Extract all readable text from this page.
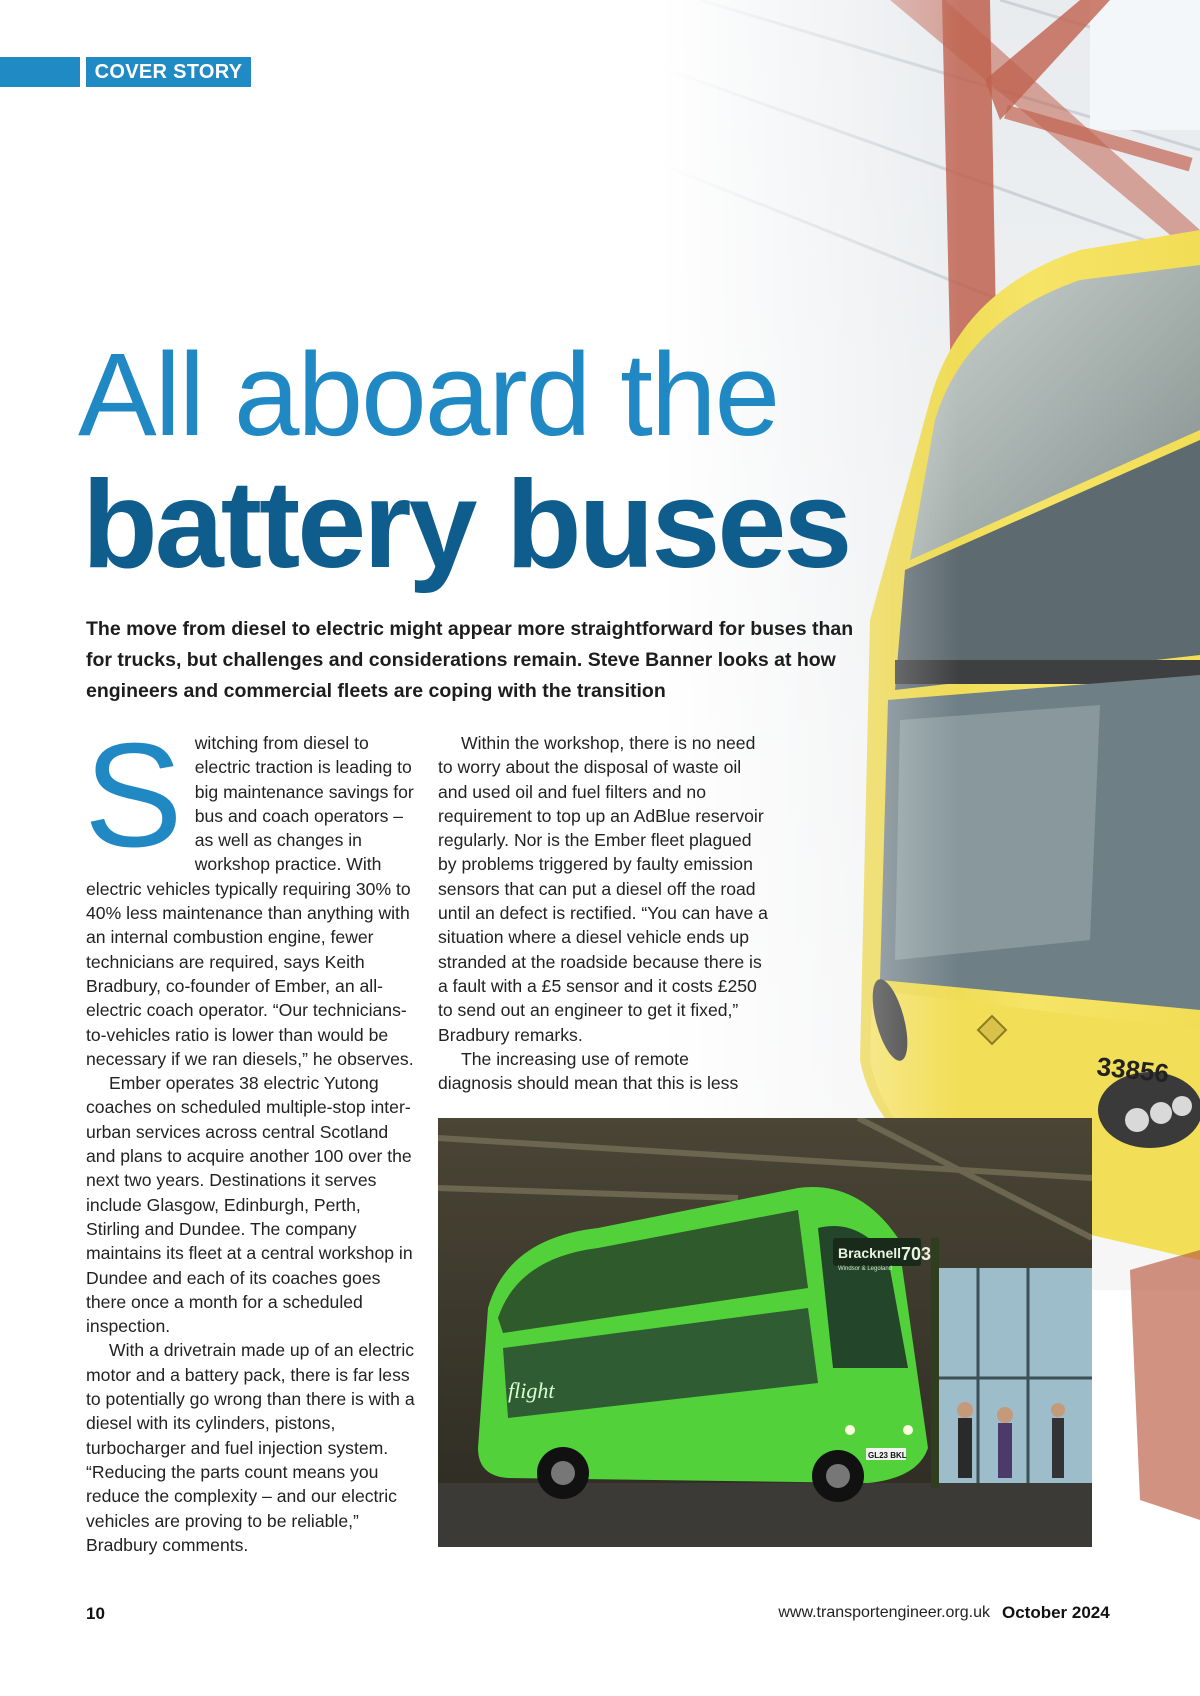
COVER STORY
All aboard the
battery buses

The move from diesel to electric might appear more straightforward for buses than for trucks, but challenges and considerations remain. Steve Banner looks at how engineers and commercial fleets are coping with the transition

Switching from diesel to electric traction is leading to big maintenance savings for bus and coach operators – as well as changes in workshop practice. With electric vehicles typically requiring 30% to 40% less maintenance than anything with an internal combustion engine, fewer technicians are required, says Keith Bradbury, co-founder of Ember, an all-electric coach operator. “Our technicians-to-vehicles ratio is lower than would be necessary if we ran diesels,” he observes.

Ember operates 38 electric Yutong coaches on scheduled multiple-stop inter-urban services across central Scotland and plans to acquire another 100 over the next two years. Destinations it serves include Glasgow, Edinburgh, Perth, Stirling and Dundee. The company maintains its fleet at a central workshop in Dundee and each of its coaches goes there once a month for a scheduled inspection.

With a drivetrain made up of an electric motor and a battery pack, there is far less to potentially go wrong than there is with a diesel with its cylinders, pistons, turbocharger and fuel injection system. “Reducing the parts count means you reduce the complexity – and our electric vehicles are proving to be reliable,” Bradbury comments.

Within the workshop, there is no need to worry about the disposal of waste oil and used oil and fuel filters and no requirement to top up an AdBlue reservoir regularly. Nor is the Ember fleet plagued by problems triggered by faulty emission sensors that can put a diesel off the road until an defect is rectified. “You can have a situation where a diesel vehicle ends up stranded at the roadside because there is a fault with a £5 sensor and it costs £250 to send out an engineer to get it fixed,” Bradbury remarks.

The increasing use of remote diagnosis should mean that this is less

Bracknell 703
Windsor & Legoland
flight
GL23 BKL
10	www.transportengineer.org.uk October 2024
